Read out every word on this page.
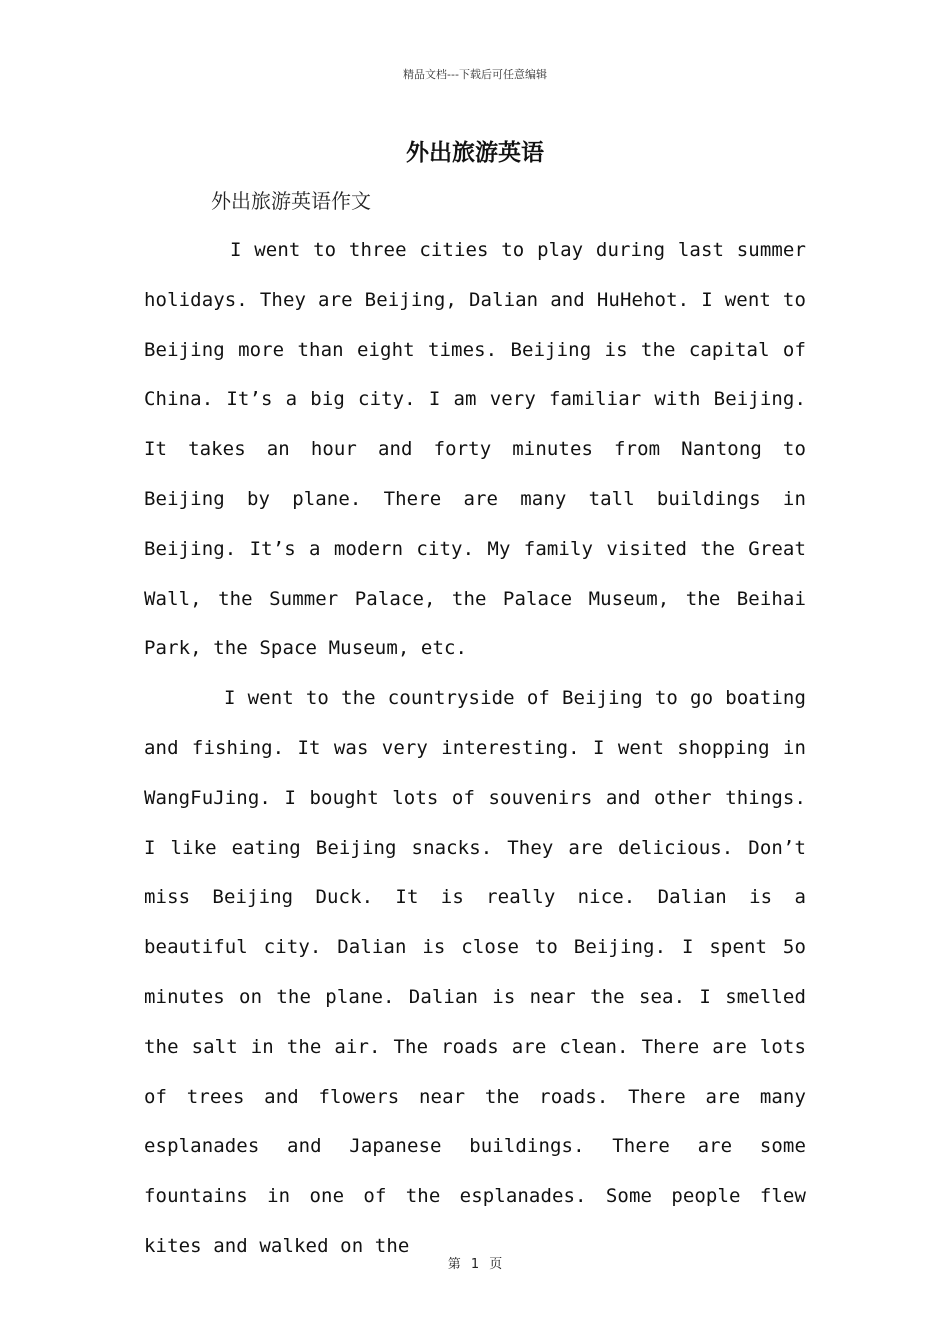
精品文档---下载后可任意编辑
外出旅游英语
外出旅游英语作文

I went to three cities to play during last summer holidays. They are Beijing, Dalian and HuHehot. I went to Beijing more than eight times. Beijing is the capital of China. It’s a big city. I am very familiar with Beijing. It takes an hour and forty minutes from Nantong to Beijing by plane. There are many tall buildings in Beijing. It’s a modern city. My family visited the Great Wall, the Summer Palace, the Palace Museum, the Beihai Park, the Space Museum, etc.

I went to the countryside of Beijing to go boating and fishing. It was very interesting. I went shopping in WangFuJing. I bought lots of souvenirs and other things. I like eating Beijing snacks. They are delicious. Don’t miss Beijing Duck. It is really nice. Dalian is a beautiful city. Dalian is close to Beijing. I spent 5o minutes on the plane. Dalian is near the sea. I smelled the salt in the air. The roads are clean. There are lots of trees and flowers near the roads. There are many esplanades and Japanese buildings. There are some fountains in one of the esplanades. Some people flew kites and walked on the

第 1 页
